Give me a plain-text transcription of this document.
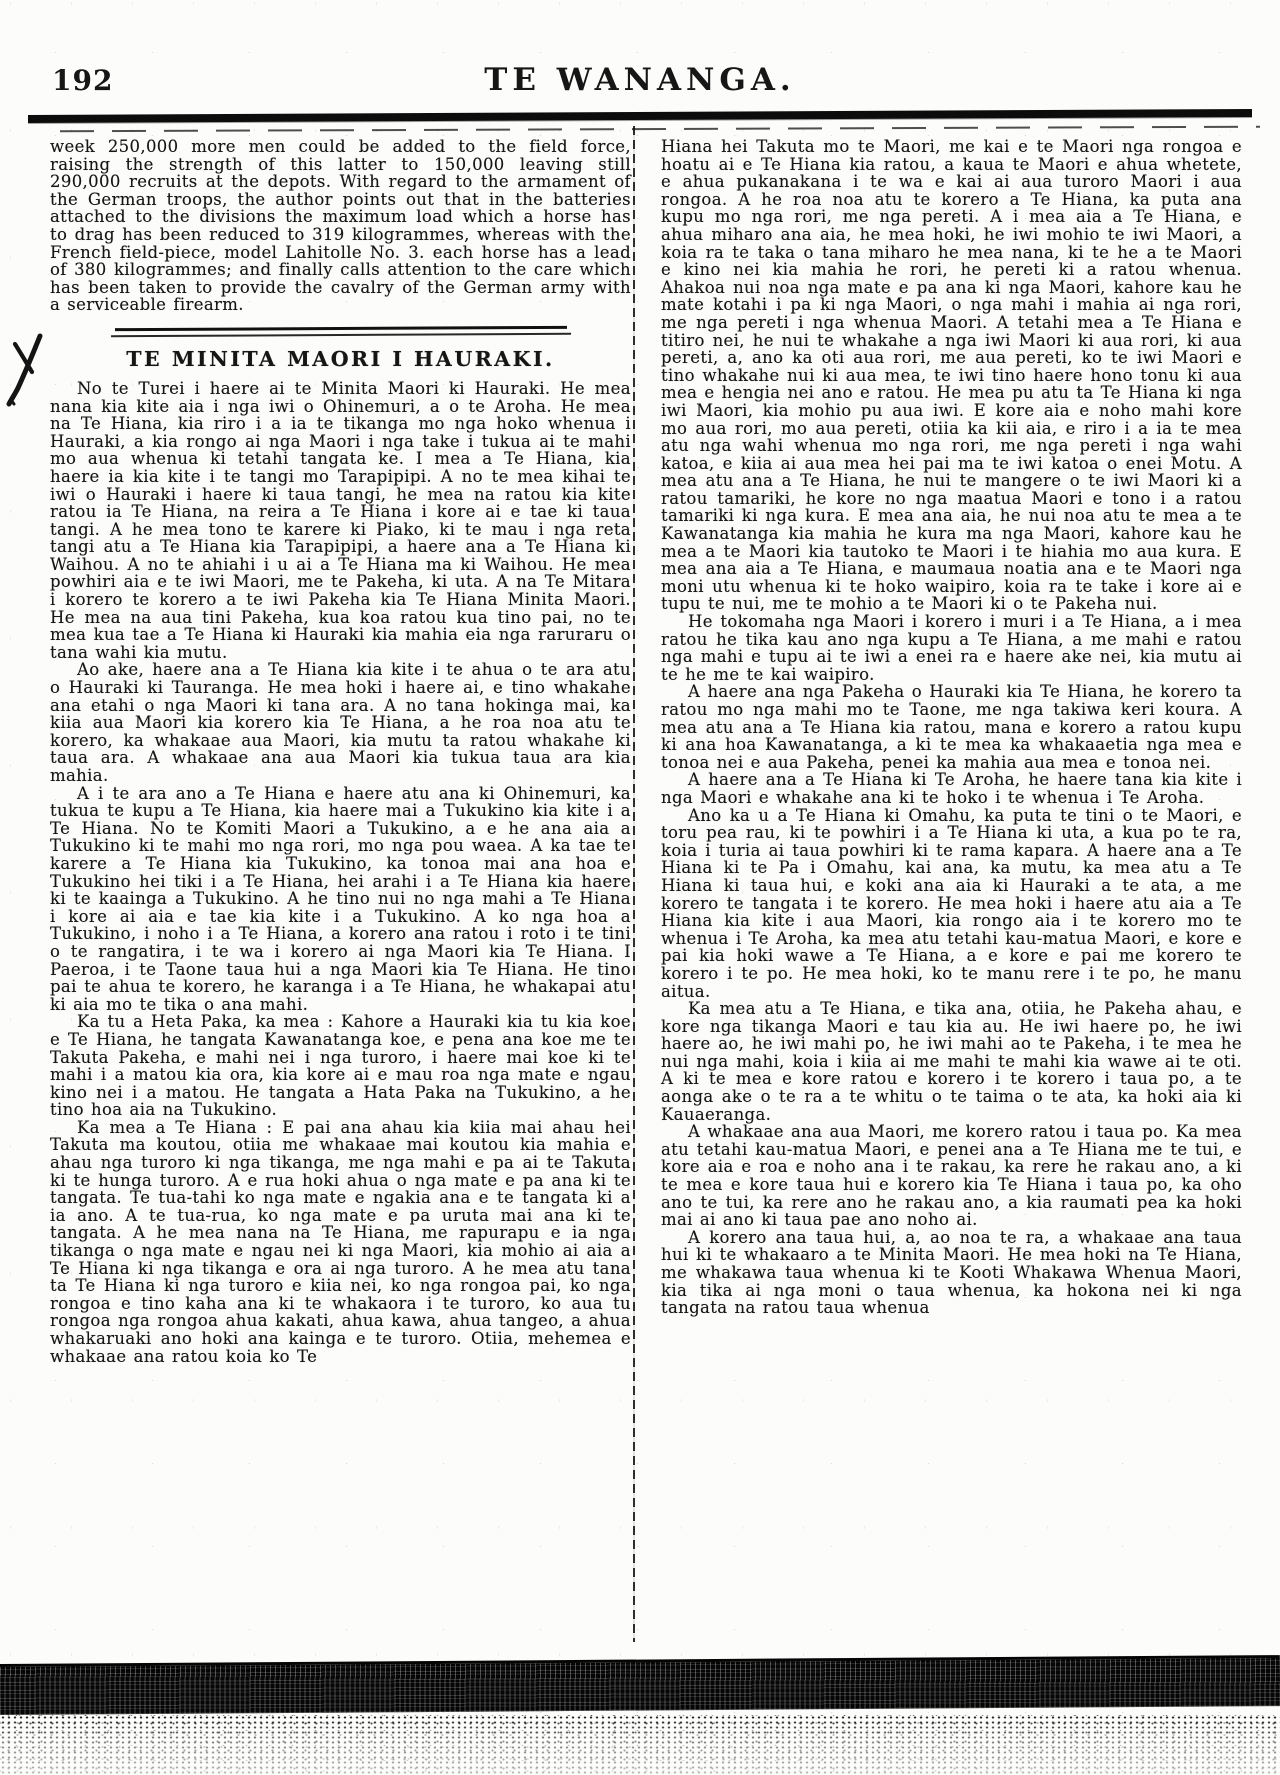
192	TE WANANGA.

week 250,000 more men could be added to the field force, raising the strength of this latter to 150,000 leaving still 290,000 recruits at the depots. With regard to the armament of the German troops, the author points out that in the batteries attached to the divisions the maximum load which a horse has to drag has been reduced to 319 kilogrammes, whereas with the French field-piece, model Lahitolle No. 3. each horse has a lead of 380 kilogrammes; and finally calls attention to the care which has been taken to provide the cavalry of the German army with a serviceable firearm.

TE MINITA MAORI I HAURAKI.

No te Turei i haere ai te Minita Maori ki Hauraki. He mea nana kia kite aia i nga iwi o Ohinemuri, a o te Aroha. He mea na Te Hiana, kia riro i a ia te tikanga mo nga hoko whenua i Hauraki, a kia rongo ai nga Maori i nga take i tukua ai te mahi mo aua whenua ki tetahi tangata ke. I mea a Te Hiana, kia haere ia kia kite i te tangi mo Tarapipipi. A no te mea kihai te iwi o Hauraki i haere ki taua tangi, he mea na ratou kia kite ratou ia Te Hiana, na reira a Te Hiana i kore ai e tae ki taua tangi. A he mea tono te karere ki Piako, ki te mau i nga reta tangi atu a Te Hiana kia Tarapipipi, a haere ana a Te Hiana ki Waihou. A no te ahiahi i u ai a Te Hiana ma ki Waihou. He mea powhiri aia e te iwi Maori, me te Pakeha, ki uta. A na Te Mitara i korero te korero a te iwi Pakeha kia Te Hiana Minita Maori. He mea na aua tini Pakeha, kua koa ratou kua tino pai, no te mea kua tae a Te Hiana ki Hauraki kia mahia eia nga raruraru o tana wahi kia mutu.

Ao ake, haere ana a Te Hiana kia kite i te ahua o te ara atu o Hauraki ki Tauranga. He mea hoki i haere ai, e tino whakahe ana etahi o nga Maori ki tana ara. A no tana hokinga mai, ka kiia aua Maori kia korero kia Te Hiana, a he roa noa atu te korero, ka whakaae aua Maori, kia mutu ta ratou whakahe ki taua ara. A whakaae ana aua Maori kia tukua taua ara kia mahia.

A i te ara ano a Te Hiana e haere atu ana ki Ohinemuri, ka tukua te kupu a Te Hiana, kia haere mai a Tukukino kia kite i a Te Hiana. No te Komiti Maori a Tukukino, a e he ana aia a Tukukino ki te mahi mo nga rori, mo nga pou waea. A ka tae te karere a Te Hiana kia Tukukino, ka tonoa mai ana hoa e Tukukino hei tiki i a Te Hiana, hei arahi i a Te Hiana kia haere ki te kaainga a Tukukino. A he tino nui no nga mahi a Te Hiana i kore ai aia e tae kia kite i a Tukukino. A ko nga hoa a Tukukino, i noho i a Te Hiana, a korero ana ratou i roto i te tini o te rangatira, i te wa i korero ai nga Maori kia Te Hiana. I Paeroa, i te Taone taua hui a nga Maori kia Te Hiana. He tino pai te ahua te korero, he karanga i a Te Hiana, he whakapai atu ki aia mo te tika o ana mahi.

Ka tu a Heta Paka, ka mea : Kahore a Hauraki kia tu kia koe e Te Hiana, he tangata Kawanatanga koe, e pena ana koe me te Takuta Pakeha, e mahi nei i nga turoro, i haere mai koe ki te mahi i a matou kia ora, kia kore ai e mau roa nga mate e ngau kino nei i a matou. He tangata a Hata Paka na Tukukino, a he tino hoa aia na Tukukino.

Ka mea a Te Hiana : E pai ana ahau kia kiia mai ahau hei Takuta ma koutou, otiia me whakaae mai koutou kia mahia e ahau nga turoro ki nga tikanga, me nga mahi e pa ai te Takuta ki te hunga turoro. A e rua hoki ahua o nga mate e pa ana ki te tangata. Te tua-tahi ko nga mate e ngakia ana e te tangata ki a ia ano. A te tua-rua, ko nga mate e pa uruta mai ana ki te tangata. A he mea nana na Te Hiana, me rapurapu e ia nga tikanga o nga mate e ngau nei ki nga Maori, kia mohio ai aia a Te Hiana ki nga tikanga e ora ai nga turoro. A he mea atu tana ta Te Hiana ki nga turoro e kiia nei, ko nga rongoa pai, ko nga rongoa e tino kaha ana ki te whakaora i te turoro, ko aua tu rongoa nga rongoa ahua kakati, ahua kawa, ahua tangeo, a ahua whakaruaki ano hoki ana kainga e te turoro. Otiia, mehemea e whakaae ana ratou koia ko Te

Hiana hei Takuta mo te Maori, me kai e te Maori nga rongoa e hoatu ai e Te Hiana kia ratou, a kaua te Maori e ahua whetete, e ahua pukanakana i te wa e kai ai aua turoro Maori i aua rongoa. A he roa noa atu te korero a Te Hiana, ka puta ana kupu mo nga rori, me nga pereti. A i mea aia a Te Hiana, e ahua miharo ana aia, he mea hoki, he iwi mohio te iwi Maori, a koia ra te taka o tana miharo he mea nana, ki te he a te Maori e kino nei kia mahia he rori, he pereti ki a ratou whenua. Ahakoa nui noa nga mate e pa ana ki nga Maori, kahore kau he mate kotahi i pa ki nga Maori, o nga mahi i mahia ai nga rori, me nga pereti i nga whenua Maori. A tetahi mea a Te Hiana e titiro nei, he nui te whakahe a nga iwi Maori ki aua rori, ki aua pereti, a, ano ka oti aua rori, me aua pereti, ko te iwi Maori e tino whakahe nui ki aua mea, te iwi tino haere hono tonu ki aua mea e hengia nei ano e ratou. He mea pu atu ta Te Hiana ki nga iwi Maori, kia mohio pu aua iwi. E kore aia e noho mahi kore mo aua rori, mo aua pereti, otiia ka kii aia, e riro i a ia te mea atu nga wahi whenua mo nga rori, me nga pereti i nga wahi katoa, e kiia ai aua mea hei pai ma te iwi katoa o enei Motu. A mea atu ana a Te Hiana, he nui te mangere o te iwi Maori ki a ratou tamariki, he kore no nga maatua Maori e tono i a ratou tamariki ki nga kura. E mea ana aia, he nui noa atu te mea a te Kawanatanga kia mahia he kura ma nga Maori, kahore kau he mea a te Maori kia tautoko te Maori i te hiahia mo aua kura. E mea ana aia a Te Hiana, e maumaua noatia ana e te Maori nga moni utu whenua ki te hoko waipiro, koia ra te take i kore ai e tupu te nui, me te mohio a te Maori ki o te Pakeha nui.

He tokomaha nga Maori i korero i muri i a Te Hiana, a i mea ratou he tika kau ano nga kupu a Te Hiana, a me mahi e ratou nga mahi e tupu ai te iwi a enei ra e haere ake nei, kia mutu ai te he me te kai waipiro.

A haere ana nga Pakeha o Hauraki kia Te Hiana, he korero ta ratou mo nga mahi mo te Taone, me nga takiwa keri koura. A mea atu ana a Te Hiana kia ratou, mana e korero a ratou kupu ki ana hoa Kawanatanga, a ki te mea ka whakaaetia nga mea e tonoa nei e aua Pakeha, penei ka mahia aua mea e tonoa nei.

A haere ana a Te Hiana ki Te Aroha, he haere tana kia kite i nga Maori e whakahe ana ki te hoko i te whenua i Te Aroha.

Ano ka u a Te Hiana ki Omahu, ka puta te tini o te Maori, e toru pea rau, ki te powhiri i a Te Hiana ki uta, a kua po te ra, koia i turia ai taua powhiri ki te rama kapara. A haere ana a Te Hiana ki te Pa i Omahu, kai ana, ka mutu, ka mea atu a Te Hiana ki taua hui, e koki ana aia ki Hauraki a te ata, a me korero te tangata i te korero. He mea hoki i haere atu aia a Te Hiana kia kite i aua Maori, kia rongo aia i te korero mo te whenua i Te Aroha, ka mea atu tetahi kau-matua Maori, e kore e pai kia hoki wawe a Te Hiana, a e kore e pai me korero te korero i te po. He mea hoki, ko te manu rere i te po, he manu aitua.

Ka mea atu a Te Hiana, e tika ana, otiia, he Pakeha ahau, e kore nga tikanga Maori e tau kia au. He iwi haere po, he iwi haere ao, he iwi mahi po, he iwi mahi ao te Pakeha, i te mea he nui nga mahi, koia i kiia ai me mahi te mahi kia wawe ai te oti. A ki te mea e kore ratou e korero i te korero i taua po, a te aonga ake o te ra a te whitu o te taima o te ata, ka hoki aia ki Kauaeranga.

A whakaae ana aua Maori, me korero ratou i taua po. Ka mea atu tetahi kau-matua Maori, e penei ana a Te Hiana me te tui, e kore aia e roa e noho ana i te rakau, ka rere he rakau ano, a ki te mea e kore taua hui e korero kia Te Hiana i taua po, ka oho ano te tui, ka rere ano he rakau ano, a kia raumati pea ka hoki mai ai ano ki taua pae ano noho ai.

A korero ana taua hui, a, ao noa te ra, a whakaae ana taua hui ki te whakaaro a te Minita Maori. He mea hoki na Te Hiana, me whakawa taua whenua ki te Kooti Whakawa Whenua Maori, kia tika ai nga moni o taua whenua, ka hokona nei ki nga tangata na ratou taua whenua
